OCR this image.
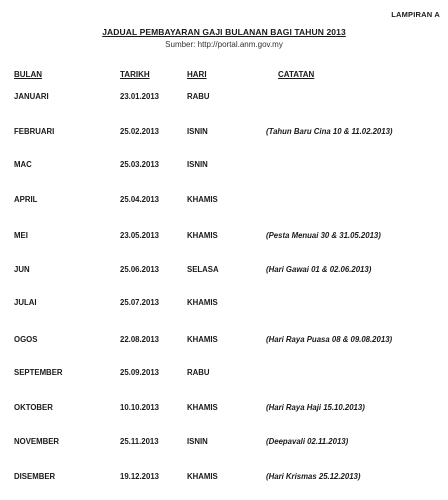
LAMPIRAN A
JADUAL PEMBAYARAN GAJI BULANAN BAGI TAHUN 2013
Sumber: http://portal.anm.gov.my
BULAN	TARIKH	HARI	CATATAN
JANUARI	23.01.2013	RABU
FEBRUARI	25.02.2013	ISNIN	(Tahun Baru Cina 10 & 11.02.2013)
MAC	25.03.2013	ISNIN
APRIL	25.04.2013	KHAMIS
MEI	23.05.2013	KHAMIS	(Pesta Menuai 30 & 31.05.2013)
JUN	25.06.2013	SELASA	(Hari Gawai 01 & 02.06.2013)
JULAI	25.07.2013	KHAMIS
OGOS	22.08.2013	KHAMIS	(Hari Raya Puasa 08 & 09.08.2013)
SEPTEMBER	25.09.2013	RABU
OKTOBER	10.10.2013	KHAMIS	(Hari Raya Haji 15.10.2013)
NOVEMBER	25.11.2013	ISNIN	(Deepavali 02.11.2013)
DISEMBER	19.12.2013	KHAMIS	(Hari Krismas 25.12.2013)
